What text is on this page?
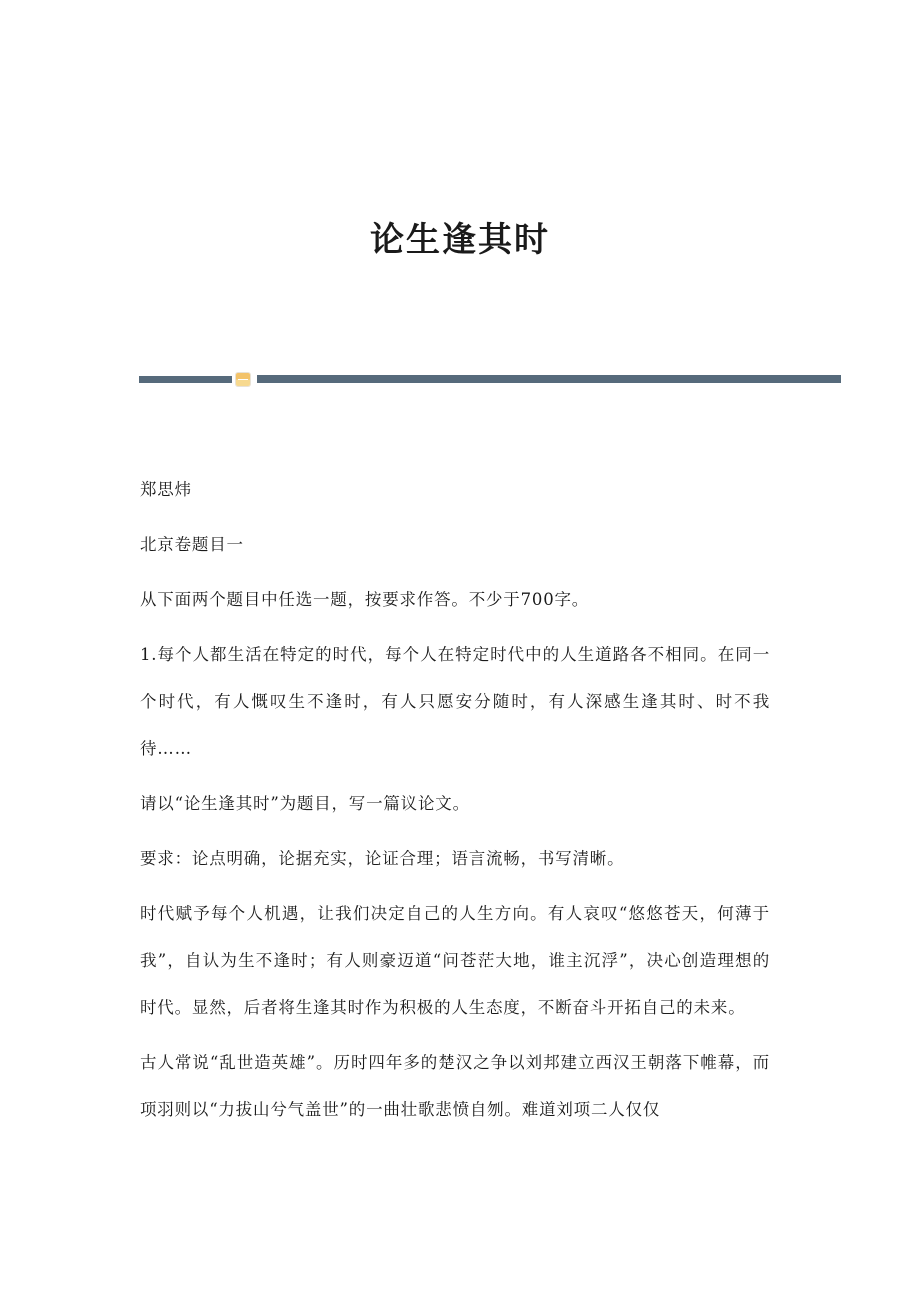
论生逢其时

郑思炜

北京卷题目一

从下面两个题目中任选一题，按要求作答。不少于700字。

1.每个人都生活在特定的时代，每个人在特定时代中的人生道路各不相同。在同一个时代，有人慨叹生不逢时，有人只愿安分随时，有人深感生逢其时、时不我待……

请以“论生逢其时”为题目，写一篇议论文。

要求：论点明确，论据充实，论证合理；语言流畅，书写清晰。

时代赋予每个人机遇，让我们决定自己的人生方向。有人哀叹“悠悠苍天，何薄于我”，自认为生不逢时；有人则豪迈道“问苍茫大地，谁主沉浮”，决心创造理想的时代。显然，后者将生逢其时作为积极的人生态度，不断奋斗开拓自己的未来。

古人常说“乱世造英雄”。历时四年多的楚汉之争以刘邦建立西汉王朝落下帷幕，而项羽则以“力拔山兮气盖世”的一曲壮歌悲愤自刎。难道刘项二人仅仅
